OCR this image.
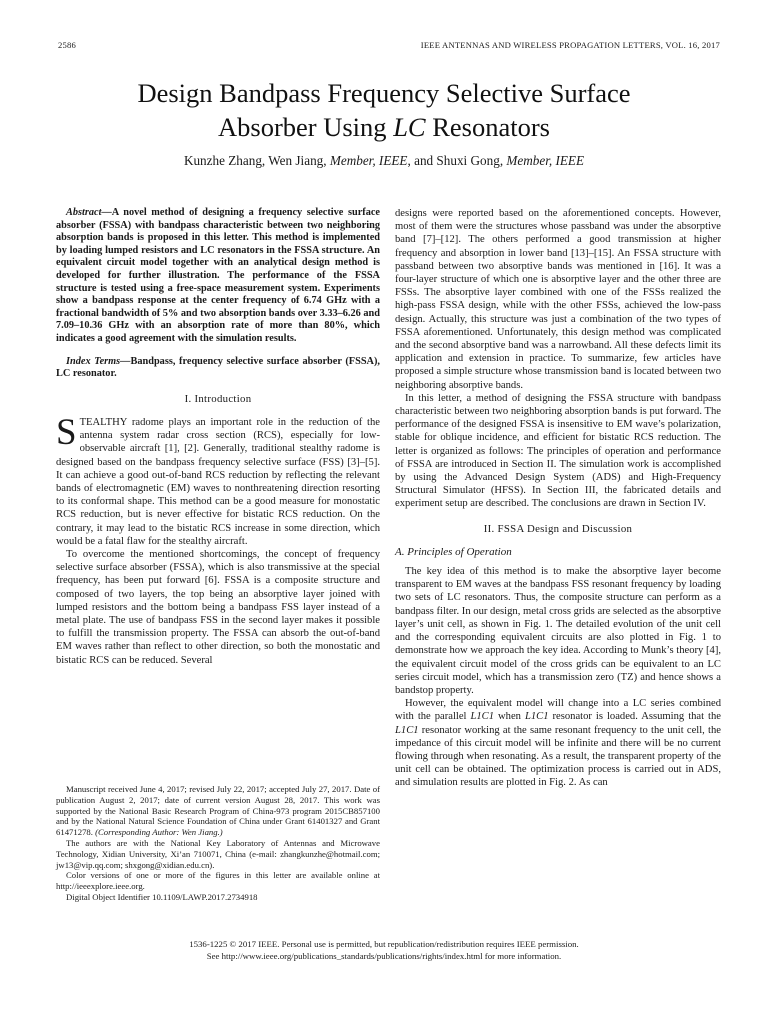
2586	IEEE ANTENNAS AND WIRELESS PROPAGATION LETTERS, VOL. 16, 2017
Design Bandpass Frequency Selective Surface
Absorber Using LC Resonators
Kunzhe Zhang, Wen Jiang, Member, IEEE, and Shuxi Gong, Member, IEEE

Abstract—A novel method of designing a frequency selective surface absorber (FSSA) with bandpass characteristic between two neighboring absorption bands is proposed in this letter. This method is implemented by loading lumped resistors and LC resonators in the FSSA structure. An equivalent circuit model together with an analytical design method is developed for further illustration. The performance of the FSSA structure is tested using a free-space measurement system. Experiments show a bandpass response at the center frequency of 6.74 GHz with a fractional bandwidth of 5% and two absorption bands over 3.33–6.26 and 7.09–10.36 GHz with an absorption rate of more than 80%, which indicates a good agreement with the simulation results.

Index Terms—Bandpass, frequency selective surface absorber (FSSA), LC resonator.

I. Introduction

STEALTHY radome plays an important role in the reduction of the antenna system radar cross section (RCS), especially for low-observable aircraft [1], [2]. Generally, traditional stealthy radome is designed based on the bandpass frequency selective surface (FSS) [3]–[5]. It can achieve a good out-of-band RCS reduction by reflecting the relevant bands of electromagnetic (EM) waves to nonthreatening direction resorting to its conformal shape. This method can be a good measure for monostatic RCS reduction, but is never effective for bistatic RCS reduction. On the contrary, it may lead to the bistatic RCS increase in some direction, which would be a fatal flaw for the stealthy aircraft.

To overcome the mentioned shortcomings, the concept of frequency selective surface absorber (FSSA), which is also transmissive at the special frequency, has been put forward [6]. FSSA is a composite structure and composed of two layers, the top being an absorptive layer joined with lumped resistors and the bottom being a bandpass FSS layer instead of a metal plate. The use of bandpass FSS in the second layer makes it possible to fulfill the transmission property. The FSSA can absorb the out-of-band EM waves rather than reflect to other direction, so both the monostatic and bistatic RCS can be reduced. Several

Manuscript received June 4, 2017; revised July 22, 2017; accepted July 27, 2017. Date of publication August 2, 2017; date of current version August 28, 2017. This work was supported by the National Basic Research Program of China-973 program 2015CB857100 and by the National Natural Science Foundation of China under Grant 61401327 and Grant 61471278. (Corresponding Author: Wen Jiang.)

The authors are with the National Key Laboratory of Antennas and Microwave Technology, Xidian University, Xi’an 710071, China (e-mail: zhangkunzhe@hotmail.com; jw13@vip.qq.com; shxgong@xidian.edu.cn).

Color versions of one or more of the figures in this letter are available online at http://ieeexplore.ieee.org.

Digital Object Identifier 10.1109/LAWP.2017.2734918

designs were reported based on the aforementioned concepts. However, most of them were the structures whose passband was under the absorptive band [7]–[12]. The others performed a good transmission at higher frequency and absorption in lower band [13]–[15]. An FSSA structure with passband between two absorptive bands was mentioned in [16]. It was a four-layer structure of which one is absorptive layer and the other three are FSSs. The absorptive layer combined with one of the FSSs realized the high-pass FSSA design, while with the other FSSs, achieved the low-pass design. Actually, this structure was just a combination of the two types of FSSA aforementioned. Unfortunately, this design method was complicated and the second absorptive band was a narrowband. All these defects limit its application and extension in practice. To summarize, few articles have proposed a simple structure whose transmission band is located between two neighboring absorptive bands.

In this letter, a method of designing the FSSA structure with bandpass characteristic between two neighboring absorption bands is put forward. The performance of the designed FSSA is insensitive to EM wave’s polarization, stable for oblique incidence, and efficient for bistatic RCS reduction. The letter is organized as follows: The principles of operation and performance of FSSA are introduced in Section II. The simulation work is accomplished by using the Advanced Design System (ADS) and High-Frequency Structural Simulator (HFSS). In Section III, the fabricated details and experiment setup are described. The conclusions are drawn in Section IV.

II. FSSA Design and Discussion

A. Principles of Operation

The key idea of this method is to make the absorptive layer become transparent to EM waves at the bandpass FSS resonant frequency by loading two sets of LC resonators. Thus, the composite structure can perform as a bandpass filter. In our design, metal cross grids are selected as the absorptive layer’s unit cell, as shown in Fig. 1. The detailed evolution of the unit cell and the corresponding equivalent circuits are also plotted in Fig. 1 to demonstrate how we approach the key idea. According to Munk’s theory [4], the equivalent circuit model of the cross grids can be equivalent to an LC series circuit model, which has a transmission zero (TZ) and hence shows a bandstop property.

However, the equivalent model will change into a LC series combined with the parallel L1C1 when L1C1 resonator is loaded. Assuming that the L1C1 resonator working at the same resonant frequency to the unit cell, the impedance of this circuit model will be infinite and there will be no current flowing through when resonating. As a result, the transparent property of the unit cell can be obtained. The optimization process is carried out in ADS, and simulation results are plotted in Fig. 2. As can

1536-1225 © 2017 IEEE. Personal use is permitted, but republication/redistribution requires IEEE permission.
See http://www.ieee.org/publications_standards/publications/rights/index.html for more information.
